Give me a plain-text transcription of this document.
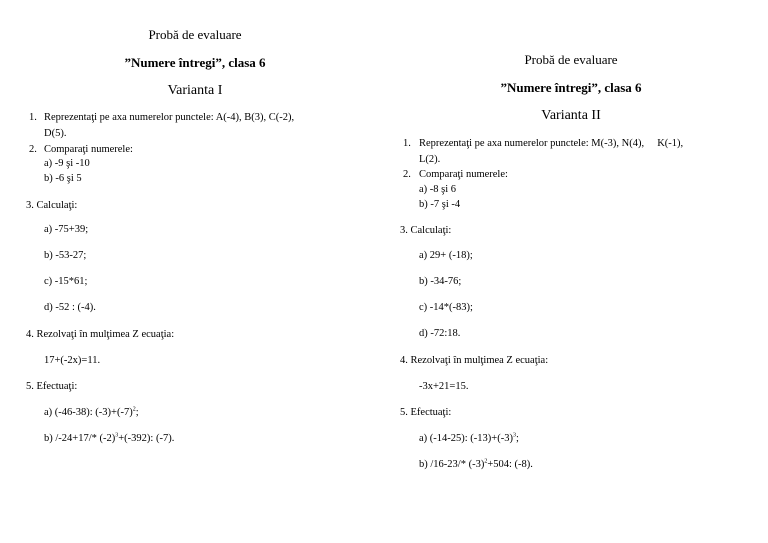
Probă de evaluare
”Numere întregi”, clasa 6
Varianta I
1. Reprezentaţi pe axa numerelor punctele: A(-4), B(3), C(-2),
D(5).
2. Comparaţi numerele:
a) -9 şi -10
b) -6 şi 5
3. Calculaţi:
a) -75+39;
b) -53-27;
c) -15*61;
d) -52 : (-4).
4. Rezolvaţi în mulţimea Z ecuaţia:
17+(-2x)=11.
5. Efectuaţi:
a) (-46-38): $(-3)+(-7)^2$;
b) /-24+17/* $(-2)^3+(-392)$: (-7).
Probă de evaluare
”Numere întregi”, clasa 6
Varianta II
1. Reprezentaţi pe axa numerelor punctele: M(-3), N(4),     K(-1),
L(2).
2. Comparaţi numerele:
a) -8 şi 6
b) -7 şi -4
3. Calculaţi:
a) 29+ (-18);
b) -34-76;
c) -14*(-83);
d) -72:18.
4. Rezolvaţi în mulţimea Z ecuaţia:
-3x+21=15.
5. Efectuaţi:
a) (-14-25): $(-13)+(-3)^3$;
b) /16-23/* $(-3)^2+504$: (-8).
